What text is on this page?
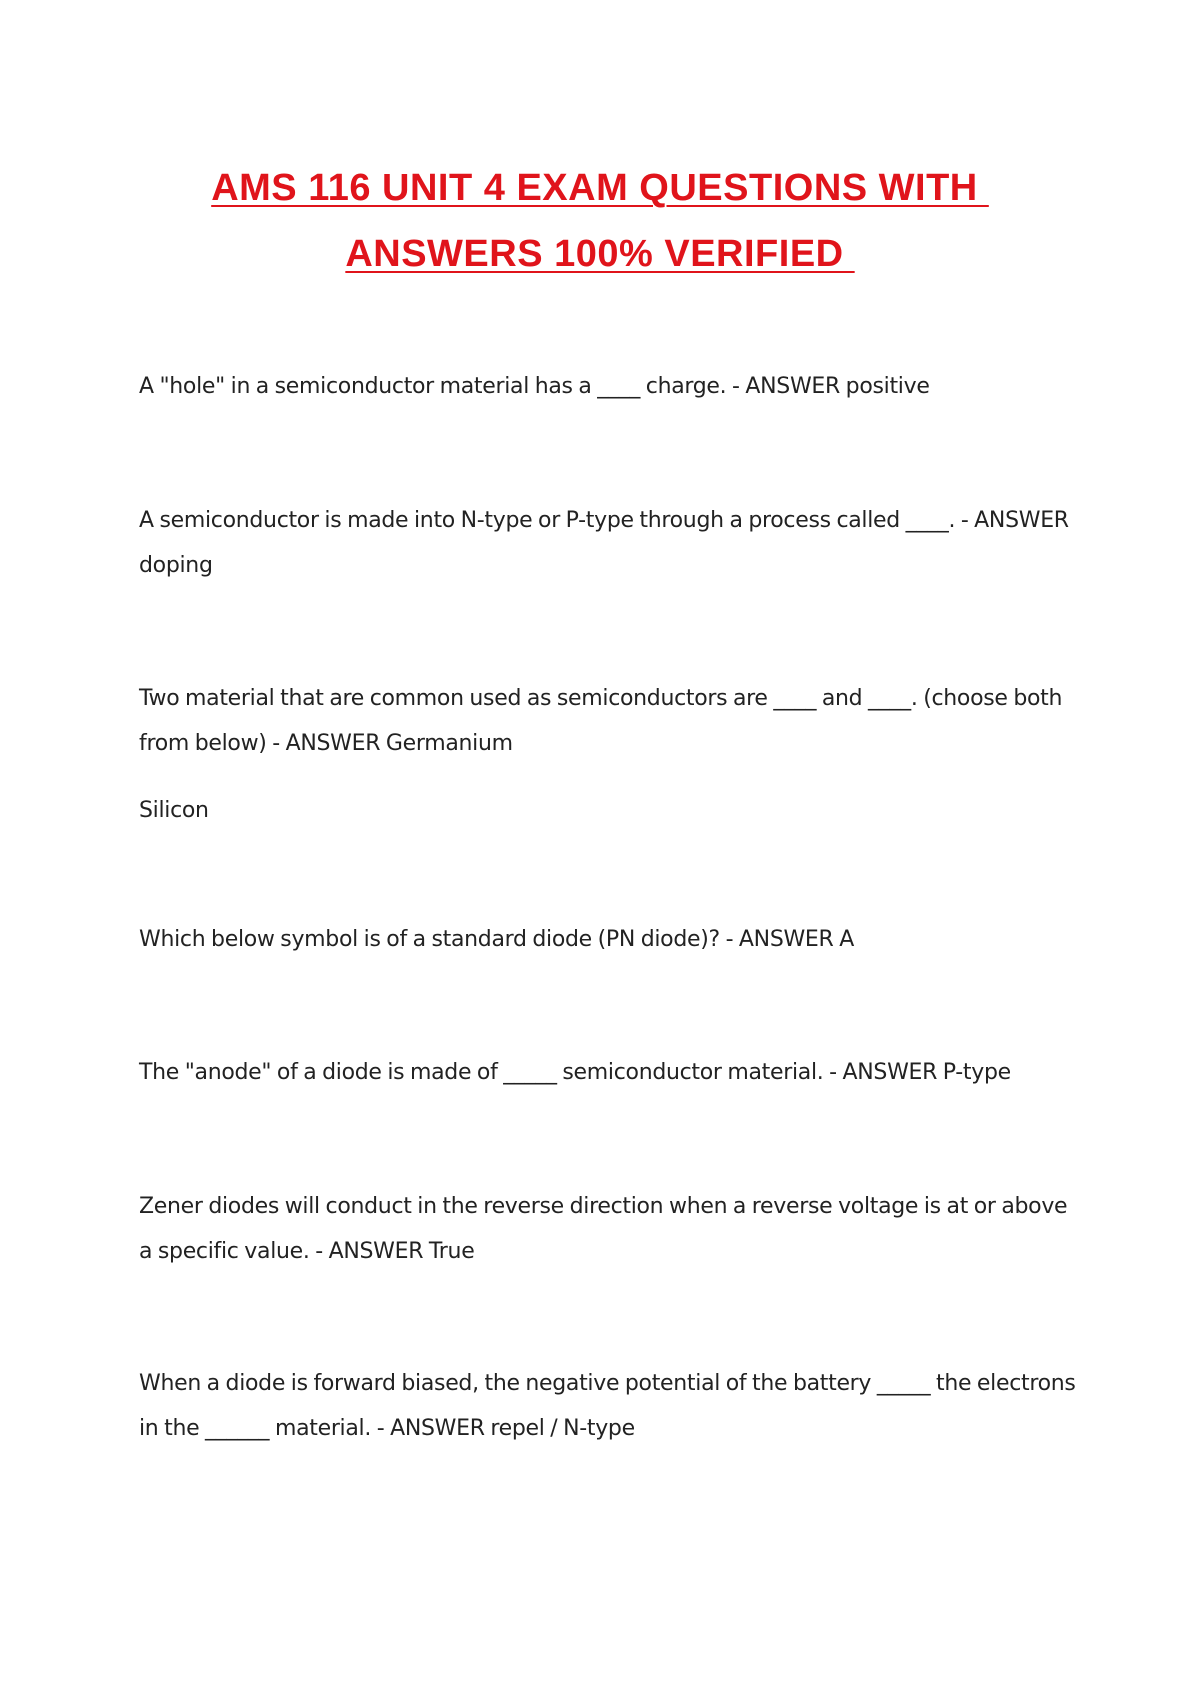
AMS 116 UNIT 4 EXAM QUESTIONS WITH
ANSWERS 100% VERIFIED

A "hole" in a semiconductor material has a ____ charge. - ANSWER positive

A semiconductor is made into N-type or P-type through a process called ____. - ANSWER doping

Two material that are common used as semiconductors are ____ and ____. (choose both from below) - ANSWER Germanium

Silicon

Which below symbol is of a standard diode (PN diode)? - ANSWER A

The "anode" of a diode is made of _____ semiconductor material. - ANSWER P-type

Zener diodes will conduct in the reverse direction when a reverse voltage is at or above a specific value. - ANSWER True

When a diode is forward biased, the negative potential of the battery _____ the electrons in the ______ material. - ANSWER repel / N-type
